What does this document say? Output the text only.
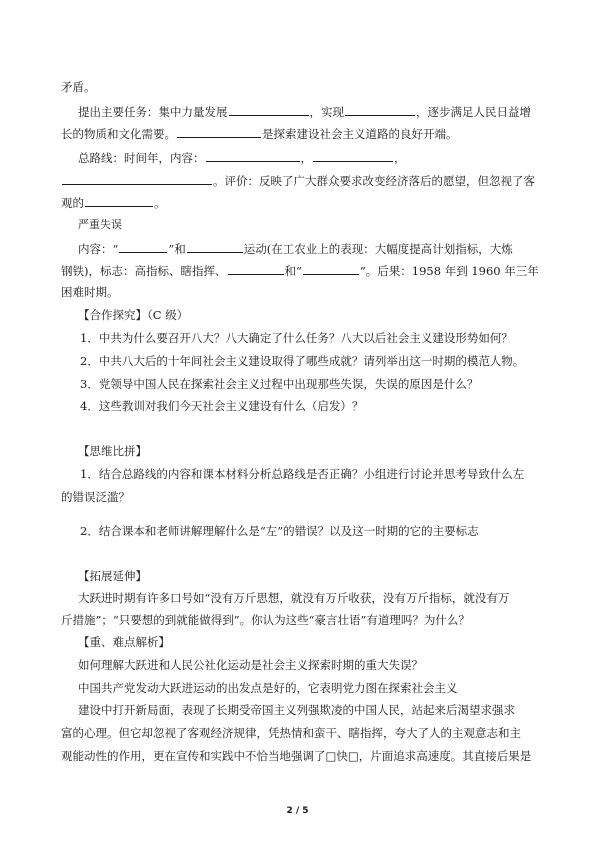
矛盾。
提出主要任务：集中力量发展	，实现	，逐步满足人民日益增
长的物质和文化需要。	是探索建设社会主义道路的良好开端。
总路线：时间年，内容：	，	，
。评价：反映了广大群众要求改变经济落后的愿望，但忽视了客
观的	。
严重失误
内容：“	”和	运动(在工农业上的表现：大幅度提高计划指标，大炼
钢铁)，标志：高指标、瞎指挥、	和“	”。后果：1958 年到 1960 年三年
困难时期。
【合作探究】（C 级）
1．中共为什么要召开八大？八大确定了什么任务？八大以后社会主义建设形势如何？
2．中共八大后的十年间社会主义建设取得了哪些成就？请列举出这一时期的模范人物。
3．党领导中国人民在探索社会主义过程中出现那些失误，失误的原因是什么？
4．这些教训对我们今天社会主义建设有什么（启发）？
【思维比拼】
1．结合总路线的内容和课本材料分析总路线是否正确？小组进行讨论并思考导致什么左
的错误泛滥？
2．结合课本和老师讲解理解什么是“左”的错误？以及这一时期的它的主要标志
【拓展延伸】
大跃进时期有许多口号如“没有万斤思想，就没有万斤收获，没有万斤指标，就没有万
斤措施”；“只要想的到就能做得到”。你认为这些“豪言壮语”有道理吗？为什么？
【重、难点解析】
如何理解大跃进和人民公社化运动是社会主义探索时期的重大失误？
中国共产党发动大跃进运动的出发点是好的，它表明党力图在探索社会主义
建设中打开新局面，表现了长期受帝国主义列强欺凌的中国人民，站起来后渴望求强求
富的心理。但它却忽视了客观经济规律，凭热情和蛮干、瞎指挥，夸大了人的主观意志和主
观能动性的作用，更在宣传和实践中不恰当地强调了□快□，片面追求高速度。其直接后果是
2 / 5
